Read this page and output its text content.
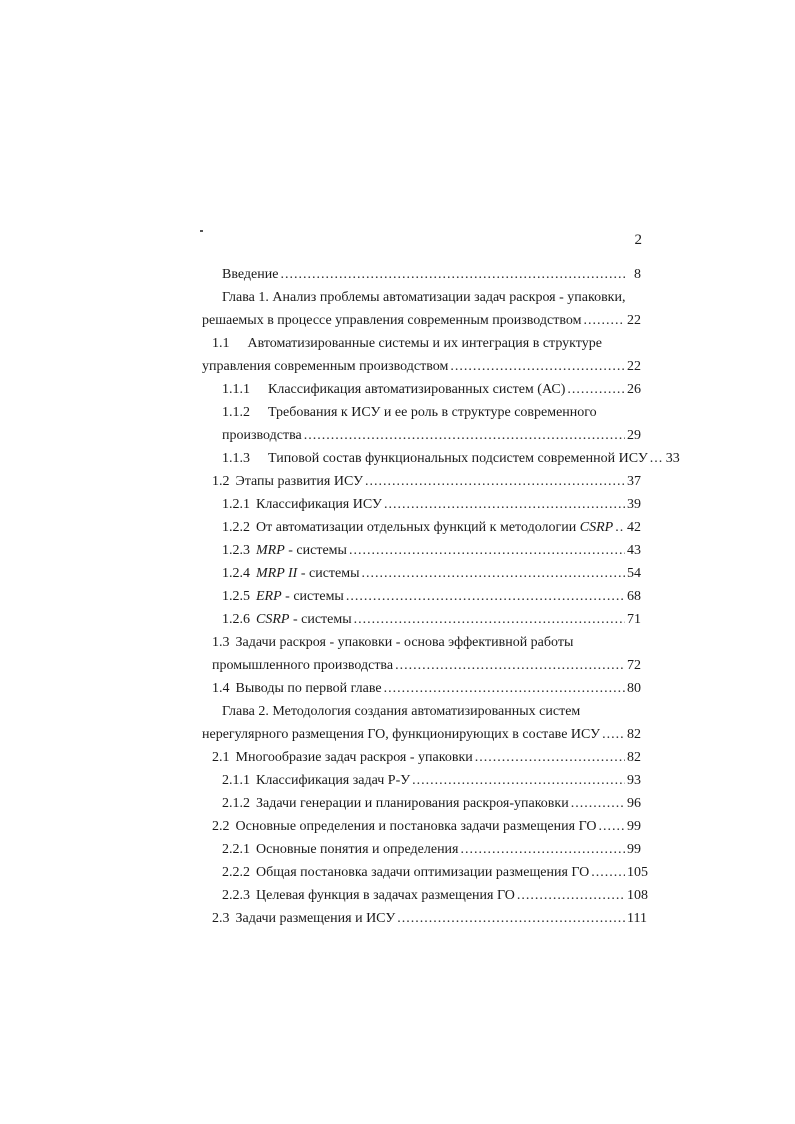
2
Введение .....	8
Глава 1. Анализ проблемы автоматизации задач раскроя - упаковки,
решаемых в процессе управления современным производством .....	22
1.1 Автоматизированные системы и их интеграция в структуре
управления современным производством .....	22
1.1.1 Классификация автоматизированных систем (АС) .....	26
1.1.2 Требования к ИСУ и ее роль в структуре современного
производства .....	29
1.1.3 Типовой состав функциональных подсистем современной ИСУ ..... 33
1.2 Этапы развития ИСУ .....	37
1.2.1 Классификация ИСУ .....	39
1.2.2 От автоматизации отдельных функций к методологии CSRP ..... 42
1.2.3 MRP - системы .....	43
1.2.4 MRP II - системы .....	54
1.2.5 ERP - системы .....	68
1.2.6 CSRP - системы .....	71
1.3 Задачи раскроя - упаковки - основа эффективной работы
промышленного производства .....	72
1.4 Выводы по первой главе .....	80
Глава 2. Методология создания автоматизированных систем
нерегулярного размещения ГО, функционирующих в составе ИСУ ..... 82
2.1 Многообразие задач раскроя - упаковки .....	82
2.1.1 Классификация задач Р-У .....	93
2.1.2 Задачи генерации и планирования раскроя-упаковки .....	96
2.2 Основные определения и постановка задачи размещения ГО ..... 99
2.2.1 Основные понятия и определения .....	99
2.2.2 Общая постановка задачи оптимизации размещения ГО .....	105
2.2.3 Целевая функция в задачах размещения ГО .....	108
2.3 Задачи размещения и ИСУ .....	111
